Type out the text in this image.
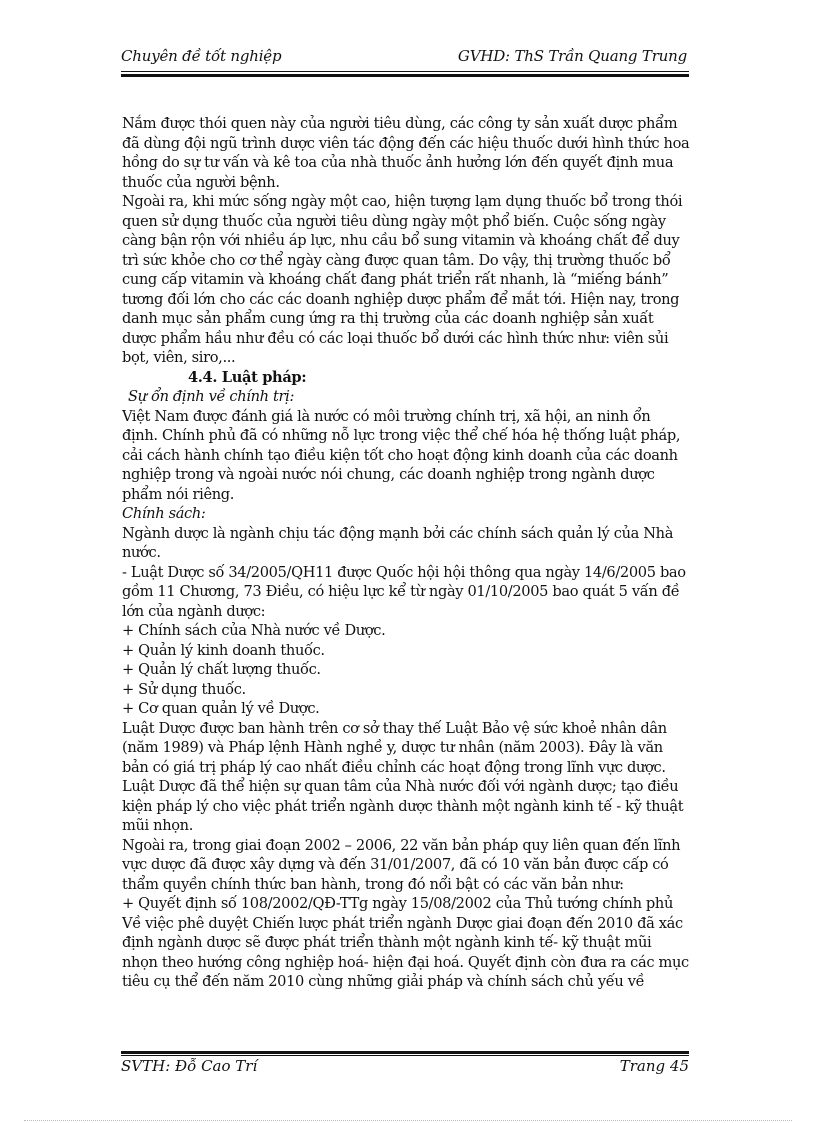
Chuyên đề tốt nghiệp	GVHD: ThS Trần Quang Trung

Nắm được thói quen này của người tiêu dùng, các công ty sản xuất dược phẩm đã dùng đội ngũ trình dược viên tác động đến các hiệu thuốc dưới hình thức hoa hồng do sự tư vấn và kê toa của nhà thuốc ảnh hưởng lớn đến quyết định mua thuốc của người bệnh.

Ngoài ra, khi mức sống ngày một cao, hiện tượng lạm dụng thuốc bổ trong thói quen sử dụng thuốc của người tiêu dùng ngày một phổ biến. Cuộc sống ngày càng bận rộn với nhiều áp lực, nhu cầu bổ sung vitamin và khoáng chất để duy trì sức khỏe cho cơ thể ngày càng được quan tâm. Do vậy, thị trường thuốc bổ cung cấp vitamin và khoáng chất đang phát triển rất nhanh, là “miếng bánh” tương đối lớn cho các các doanh nghiệp dược phẩm để mắt tới. Hiện nay, trong danh mục sản phẩm cung ứng ra thị trường của các doanh nghiệp sản xuất dược phẩm hầu như đều có các loại thuốc bổ dưới các hình thức như: viên sủi bọt, viên, siro,...

4.4. Luật pháp:

Sự ổn định về chính trị:

Việt Nam được đánh giá là nước có môi trường chính trị, xã hội, an ninh ổn định. Chính phủ đã có những nỗ lực trong việc thể chế hóa hệ thống luật pháp, cải cách hành chính tạo điều kiện tốt cho hoạt động kinh doanh của các doanh nghiệp trong và ngoài nước nói chung, các doanh nghiệp trong ngành dược phẩm nói riêng.

Chính sách:

Ngành dược là ngành chịu tác động mạnh bởi các chính sách quản lý của Nhà nước.

- Luật Dược số 34/2005/QH11 được Quốc hội hội thông qua ngày 14/6/2005 bao gồm 11 Chương, 73 Điều, có hiệu lực kể từ ngày 01/10/2005 bao quát 5 vấn đề lớn của ngành dược:

+ Chính sách của Nhà nước về Dược.

+ Quản lý kinh doanh thuốc.

+ Quản lý chất lượng thuốc.

+ Sử dụng thuốc.

+ Cơ quan quản lý về Dược.

Luật Dược được ban hành trên cơ sở thay thế Luật Bảo vệ sức khoẻ nhân dân (năm 1989) và Pháp lệnh Hành nghề y, dược tư nhân (năm 2003). Đây là văn bản có giá trị pháp lý cao nhất điều chỉnh các hoạt động trong lĩnh vực dược. Luật Dược đã thể hiện sự quan tâm của Nhà nước đối với ngành dược; tạo điều kiện pháp lý cho việc phát triển ngành dược thành một ngành kinh tế - kỹ thuật mũi nhọn.

Ngoài ra, trong giai đoạn 2002 – 2006, 22 văn bản pháp quy liên quan đến lĩnh vực dược đã được xây dựng và đến 31/01/2007, đã có 10 văn bản được cấp có thẩm quyền chính thức ban hành, trong đó nổi bật có các văn bản như:

+ Quyết định số 108/2002/QĐ-TTg ngày 15/08/2002 của Thủ tướng chính phủ Về việc phê duyệt Chiến lược phát triển ngành Dược giai đoạn đến 2010 đã xác định ngành dược sẽ được phát triển thành một ngành kinh tế- kỹ thuật mũi nhọn theo hướng công nghiệp hoá- hiện đại hoá. Quyết định còn đưa ra các mục tiêu cụ thể đến năm 2010 cùng những giải pháp và chính sách chủ yếu về

SVTH: Đỗ Cao Trí	Trang 45
